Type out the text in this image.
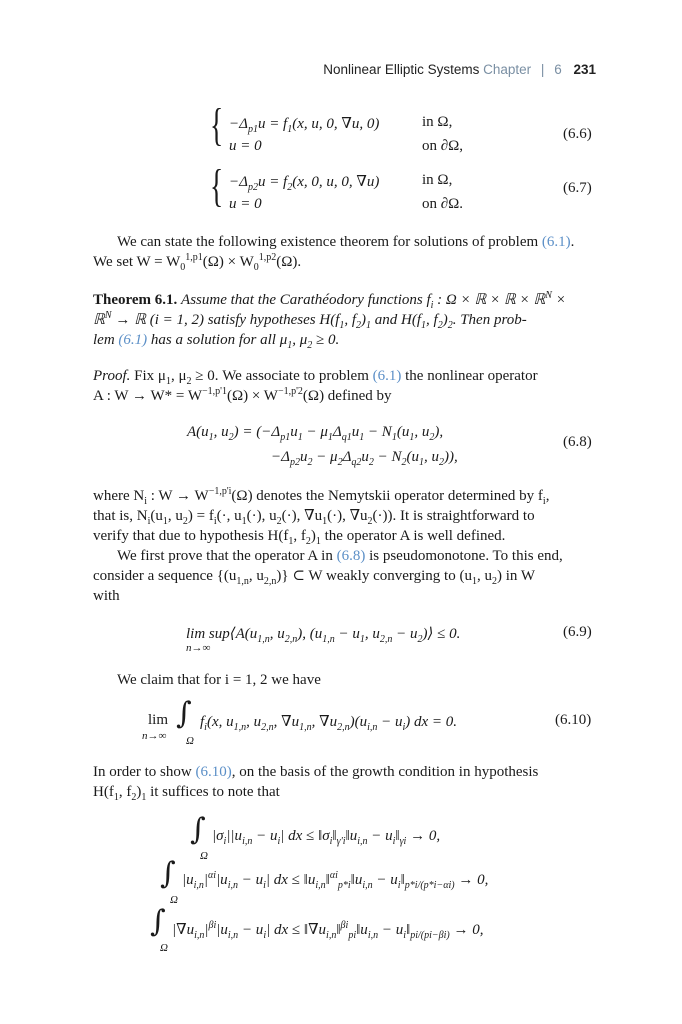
Nonlinear Elliptic Systems Chapter | 6 231
{ $-\Delta_{p1}u = f_1(x$, u, 0, ∇u, 0)	in Ω,
u = 0	on ∂Ω,
(6.6)
{ $-\Delta_{p2}u = f_2(x$, 0, u, 0, ∇u)	in Ω,
u = 0	on ∂Ω.
(6.7)
We can state the following existence theorem for solutions of problem (6.1).
We set $W = W_0^{1,p1}(\Omega) \times W_0^{1,p2}(\Omega)$.
Theorem 6.1. Assume that the Carathéodory functions $f_i$ : Ω × ℝ × ℝ × ℝ$^N$ ×
ℝ$^N$ → ℝ (i = 1, 2) satisfy hypotheses $H(f_1$, $f_2)_1$ and $H(f_1$, $f_2)_2$. Then prob-
lem (6.1) has a solution for all $\mu_1$, $\mu_2 \ge 0$.
Proof. Fix $\mu_1$, $\mu_2 \ge 0$. We associate to problem (6.1) the nonlinear operator
A : $W \to W* = W^{-1,p'1}(\Omega) \times W^{-1,p'2}(\Omega)$ defined by
$A(u_1$, $u_2) = (-\Delta_{p1}u_1 - \mu_1\Delta_{q1}u_1 - N_1(u_1$, $u_2$),
$-\Delta_{p2}u_2 - \mu_2\Delta_{q2}u_2 - N_2(u_1$, $u_2$)),
(6.8)
where $N_i$ : $W \to W^{-1,p'i}(\Omega)$ denotes the Nemytskii operator determined by $f_i$,
that is, $N_i(u_1$, $u_2) = f_i(\cdot$, $u_1(\cdot)$, $u_2(\cdot)$, $\nabla u_1(\cdot)$, $\nabla u_2(\cdot)$). It is straightforward to
verify that due to hypothesis $H(f_1$, $f_2)_1$ the operator A is well defined.
We first prove that the operator A in (6.8) is pseudomonotone. To this end,
consider a sequence {($u_{1,n}$, $u_{2,n}$)} ⊂ W weakly converging to ($u_1$, $u_2$) in W
with
$\lim sup⟨A(u_{1,n}$, $u_{2,n}$), ($u_{1,n} - u_1$, $u_{2,n}$ − $u_2)⟩ \le 0$.
n→∞
(6.9)
We claim that for i = 1, 2 we have
lim
n→∞
∫
Ω
$f_i(x$, $u_{1,n}$, $u_{2,n}$, $\nabla u_{1,n}$, $\nabla u_{2,n})(u_{i,n} - u_i)$ dx = 0.	(6.10)
In order to show (6.10), on the basis of the growth condition in hypothesis
$H(f_1$, $f_2)_1$ it suffices to note that
∫
Ω
$|\sigma_i||u_{i,n} - u_i|$ dx ≤ $‖\sigma_i‖_{\gamma'i}‖u_{i,n}$ − $u_i‖_{\gamma i} \to 0$,
∫
Ω
$|u_{i,n}|^{\alpha i}|u_{i,n} - u_i|$ dx ≤ $‖u_{i,n}‖^{\alpha i}_{p*i}‖u_{i,n}$ − $u_i‖_{p*i/(p*i-\alpha i)} \to 0$,
∫
Ω
$|\nabla u_{i,n}|^{\beta i}|u_{i,n} - u_i|$ dx ≤ $‖\nabla u_{i,n}‖^{\beta i}_{pi}‖u_{i,n}$ − $u_i‖_{pi/(pi-\beta i)} \to 0$,
